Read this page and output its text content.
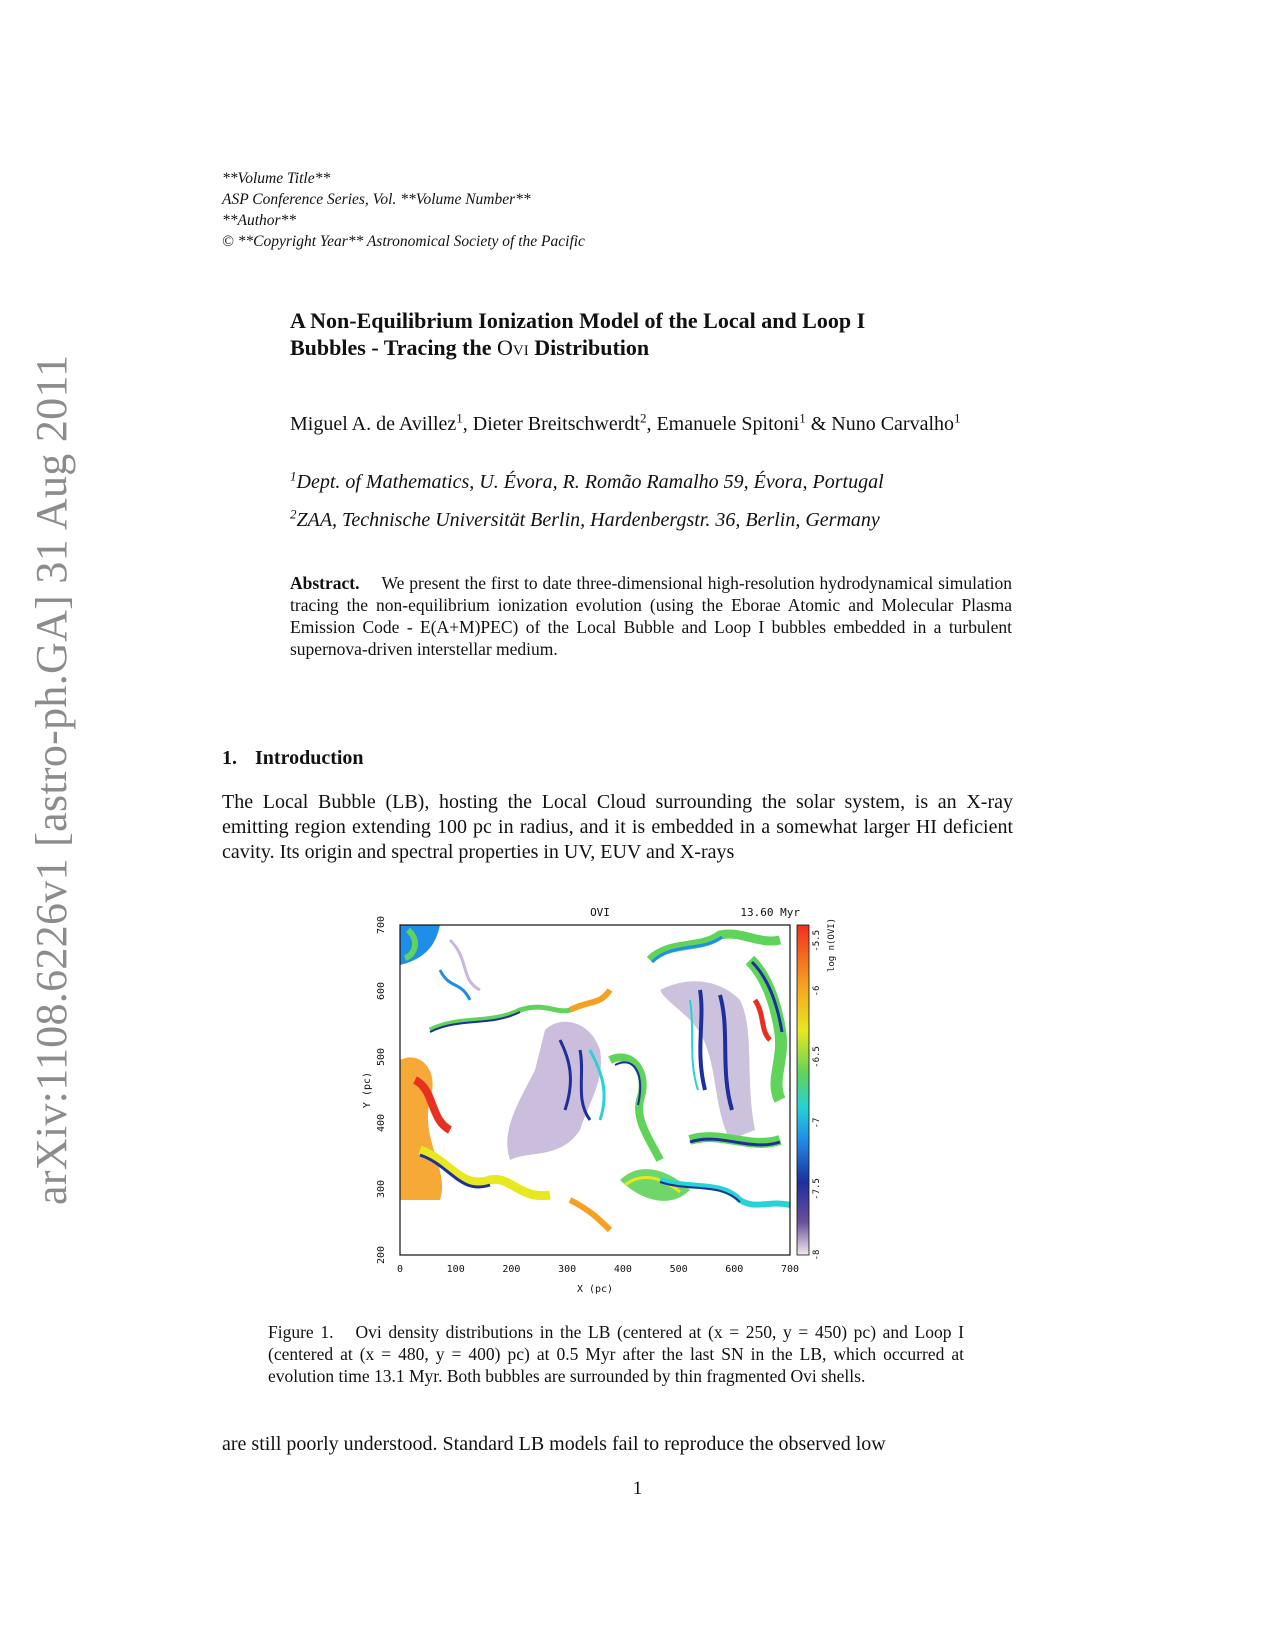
arXiv:1108.6226v1 [astro-ph.GA] 31 Aug 2011
**Volume Title**
ASP Conference Series, Vol. **Volume Number**
**Author**
© **Copyright Year** Astronomical Society of the Pacific
A Non-Equilibrium Ionization Model of the Local and Loop I
Bubbles - Tracing the Ovi Distribution
Miguel A. de Avillez$^1$, Dieter Breitschwerdt$^2$, Emanuele Spitoni$^1$ & Nuno Carvalho$^1$
$^1$Dept. of Mathematics, U. Évora, R. Romão Ramalho 59, Évora, Portugal
$^2$ZAA, Technische Universität Berlin, Hardenbergstr. 36, Berlin, Germany
Abstract. We present the first to date three-dimensional high-resolution hydrodynamical simulation tracing the non-equilibrium ionization evolution (using the Eborae Atomic and Molecular Plasma Emission Code - E(A+M)PEC) of the Local Bubble and Loop I bubbles embedded in a turbulent supernova-driven interstellar medium.
1. Introduction
The Local Bubble (LB), hosting the Local Cloud surrounding the solar system, is an X-ray emitting region extending 100 pc in radius, and it is embedded in a somewhat larger HI deficient cavity. Its origin and spectral properties in UV, EUV and X-rays
OVI	13.60 Myr
0	100	200	300	400	500	600	700
X (pc)
200
300
400
500
600
700
Y (pc)
-8
-7.5
-7
-6.5
-6
-5.5 log n(OVI)
Figure 1. Ovi density distributions in the LB (centered at (x = 250, y = 450) pc) and Loop I (centered at (x = 480, y = 400) pc) at 0.5 Myr after the last SN in the LB, which occurred at evolution time 13.1 Myr. Both bubbles are surrounded by thin fragmented Ovi shells.
are still poorly understood. Standard LB models fail to reproduce the observed low
1
